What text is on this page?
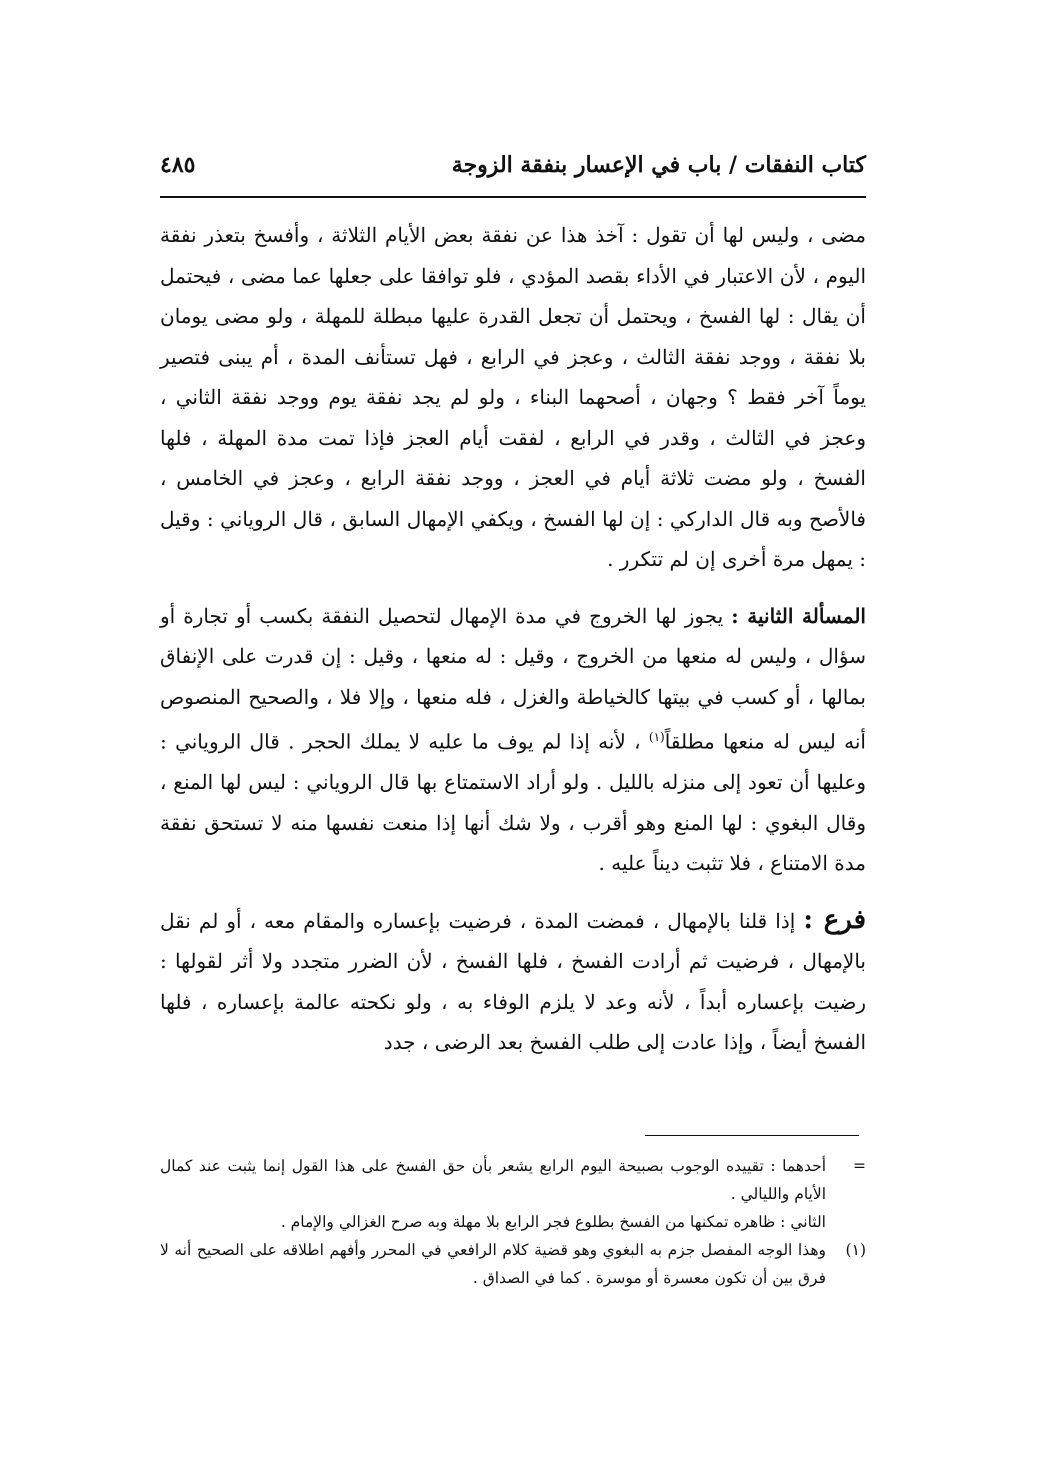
كتاب النفقات / باب في الإعسار بنفقة الزوجة
٤٨٥

مضى ، وليس لها أن تقول : آخذ هذا عن نفقة بعض الأيام الثلاثة ، وأفسخ بتعذر نفقة اليوم ، لأن الاعتبار في الأداء بقصد المؤدي ، فلو توافقا على جعلها عما مضى ، فيحتمل أن يقال : لها الفسخ ، ويحتمل أن تجعل القدرة عليها مبطلة للمهلة ، ولو مضى يومان بلا نفقة ، ووجد نفقة الثالث ، وعجز في الرابع ، فهل تستأنف المدة ، أم يبنى فتصير يوماً آخر فقط ؟ وجهان ، أصحهما البناء ، ولو لم يجد نفقة يوم ووجد نفقة الثاني ، وعجز في الثالث ، وقدر في الرابع ، لفقت أيام العجز فإذا تمت مدة المهلة ، فلها الفسخ ، ولو مضت ثلاثة أيام في العجز ، ووجد نفقة الرابع ، وعجز في الخامس ، فالأصح وبه قال الداركي : إن لها الفسخ ، ويكفي الإمهال السابق ، قال الروياني : وقيل : يمهل مرة أخرى إن لم تتكرر .

المسألة الثانية : يجوز لها الخروج في مدة الإمهال لتحصيل النفقة بكسب أو تجارة أو سؤال ، وليس له منعها من الخروج ، وقيل : له منعها ، وقيل : إن قدرت على الإنفاق بمالها ، أو كسب في بيتها كالخياطة والغزل ، فله منعها ، وإلا فلا ، والصحيح المنصوص أنه ليس له منعها مطلقاً$^{(١)}$ ، لأنه إذا لم يوف ما عليه لا يملك الحجر . قال الروياني : وعليها أن تعود إلى منزله بالليل . ولو أراد الاستمتاع بها قال الروياني : ليس لها المنع ، وقال البغوي : لها المنع وهو أقرب ، ولا شك أنها إذا منعت نفسها منه لا تستحق نفقة مدة الامتناع ، فلا تثبت ديناً عليه .

فرع : إذا قلنا بالإمهال ، فمضت المدة ، فرضيت بإعساره والمقام معه ، أو لم نقل بالإمهال ، فرضيت ثم أرادت الفسخ ، فلها الفسخ ، لأن الضرر متجدد ولا أثر لقولها : رضيت بإعساره أبداً ، لأنه وعد لا يلزم الوفاء به ، ولو نكحته عالمة بإعساره ، فلها الفسخ أيضاً ، وإذا عادت إلى طلب الفسخ بعد الرضى ، جدد

=
أحدهما : تقييده الوجوب بصبيحة اليوم الرابع يشعر بأن حق الفسخ على هذا القول إنما يثبت عند كمال الأيام والليالي .
الثاني : ظاهره تمكنها من الفسخ بطلوع فجر الرابع بلا مهلة وبه صرح الغزالي والإمام .
(١)
وهذا الوجه المفصل جزم به البغوي وهو قضية كلام الرافعي في المحرر وأفهم اطلاقه على الصحيح أنه لا فرق بين أن تكون معسرة أو موسرة . كما في الصداق .
